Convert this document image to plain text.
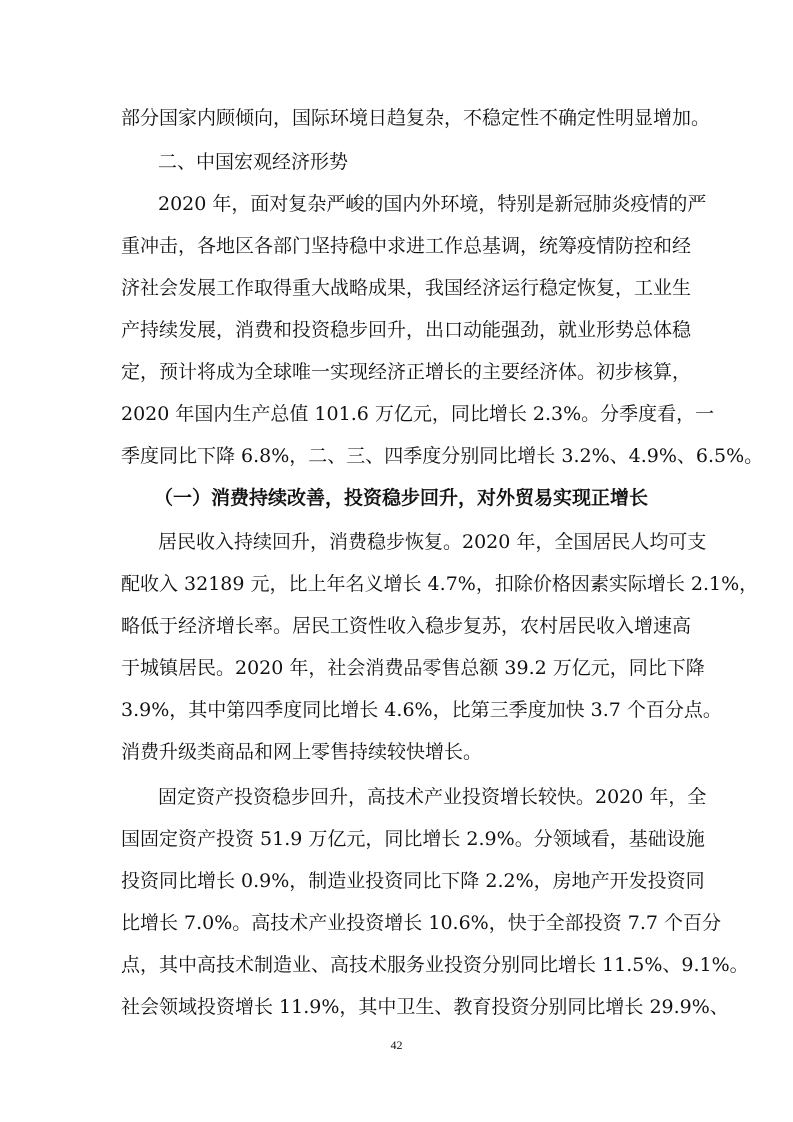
部分国家内顾倾向，国际环境日趋复杂，不稳定性不确定性明显增加。
二、中国宏观经济形势
2020 年，面对复杂严峻的国内外环境，特别是新冠肺炎疫情的严
重冲击，各地区各部门坚持稳中求进工作总基调，统筹疫情防控和经
济社会发展工作取得重大战略成果，我国经济运行稳定恢复，工业生
产持续发展，消费和投资稳步回升，出口动能强劲，就业形势总体稳
定，预计将成为全球唯一实现经济正增长的主要经济体。初步核算，
2020 年国内生产总值 101.6 万亿元，同比增长 2.3%。分季度看，一
季度同比下降 6.8%，二、三、四季度分别同比增长 3.2%、4.9%、6.5%。
（一）消费持续改善，投资稳步回升，对外贸易实现正增长
居民收入持续回升，消费稳步恢复。2020 年，全国居民人均可支
配收入 32189 元，比上年名义增长 4.7%，扣除价格因素实际增长 2.1%，
略低于经济增长率。居民工资性收入稳步复苏，农村居民收入增速高
于城镇居民。2020 年，社会消费品零售总额 39.2 万亿元，同比下降
3.9%，其中第四季度同比增长 4.6%，比第三季度加快 3.7 个百分点。
消费升级类商品和网上零售持续较快增长。
固定资产投资稳步回升，高技术产业投资增长较快。2020 年，全
国固定资产投资 51.9 万亿元，同比增长 2.9%。分领域看，基础设施
投资同比增长 0.9%，制造业投资同比下降 2.2%，房地产开发投资同
比增长 7.0%。高技术产业投资增长 10.6%，快于全部投资 7.7 个百分
点，其中高技术制造业、高技术服务业投资分别同比增长 11.5%、9.1%。
社会领域投资增长 11.9%，其中卫生、教育投资分别同比增长 29.9%、
42
